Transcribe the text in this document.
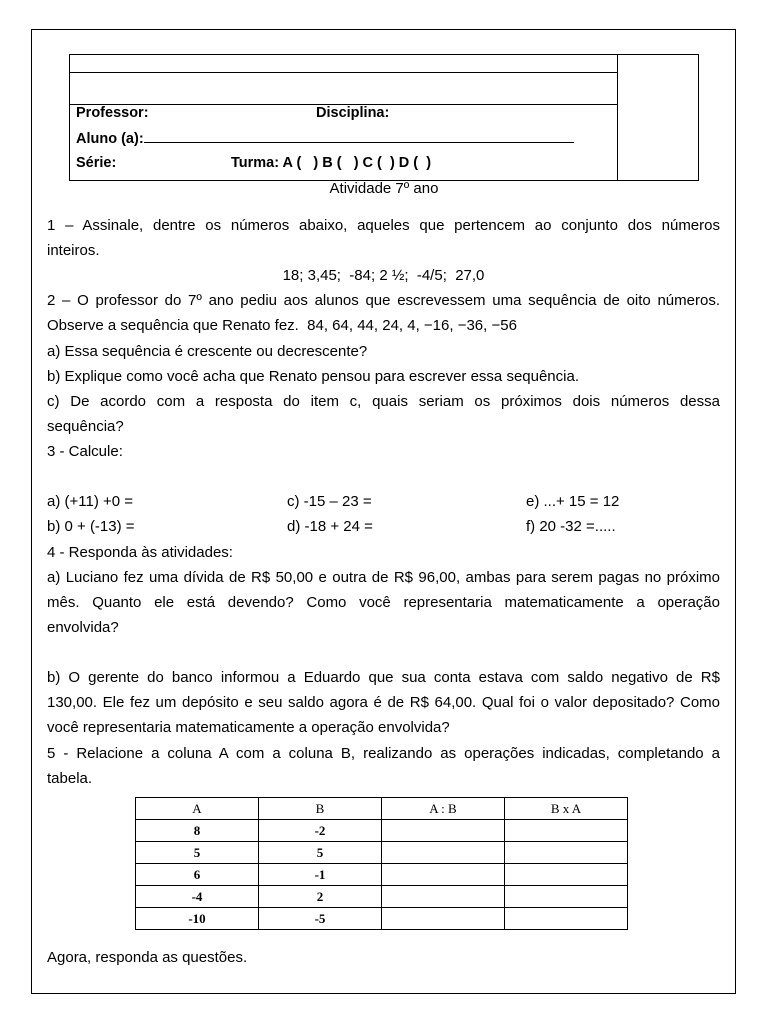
Professor:	Disciplina:
Aluno (a):
Série:	Turma: A (   ) B (   ) C (  ) D (  )
Atividade 7º ano
1 – Assinale, dentre os números abaixo, aqueles que pertencem ao conjunto dos números
inteiros.
18; 3,45;  -84; 2 ½;  -4/5;  27,0
2 – O professor do 7º ano pediu aos alunos que escrevessem uma sequência de oito números.
Observe a sequência que Renato fez.  84, 64, 44, 24, 4, −16, −36, −56
a) Essa sequência é crescente ou decrescente?
b) Explique como você acha que Renato pensou para escrever essa sequência.
c) De acordo com a resposta do item c, quais seriam os próximos dois números dessa
sequência?
3 - Calcule:
a) (+11) +0 =	c) -15 – 23 =	e) ...+ 15 = 12
b) 0 + (-13) =	d) -18 + 24 =	f) 20 -32 =.....
4 - Responda às atividades:
a) Luciano fez uma dívida de R$ 50,00 e outra de R$ 96,00, ambas para serem pagas no próximo
mês. Quanto ele está devendo? Como você representaria matematicamente a operação
envolvida?
b) O gerente do banco informou a Eduardo que sua conta estava com saldo negativo de R$
130,00. Ele fez um depósito e seu saldo agora é de R$ 64,00. Qual foi o valor depositado? Como
você representaria matematicamente a operação envolvida?
5 - Relacione a coluna A com a coluna B, realizando as operações indicadas, completando a
tabela.
A	B	A : B	B x A
8	-2		
5	5		
6	-1		
-4	2		
-10	-5		
Agora, responda as questões.
